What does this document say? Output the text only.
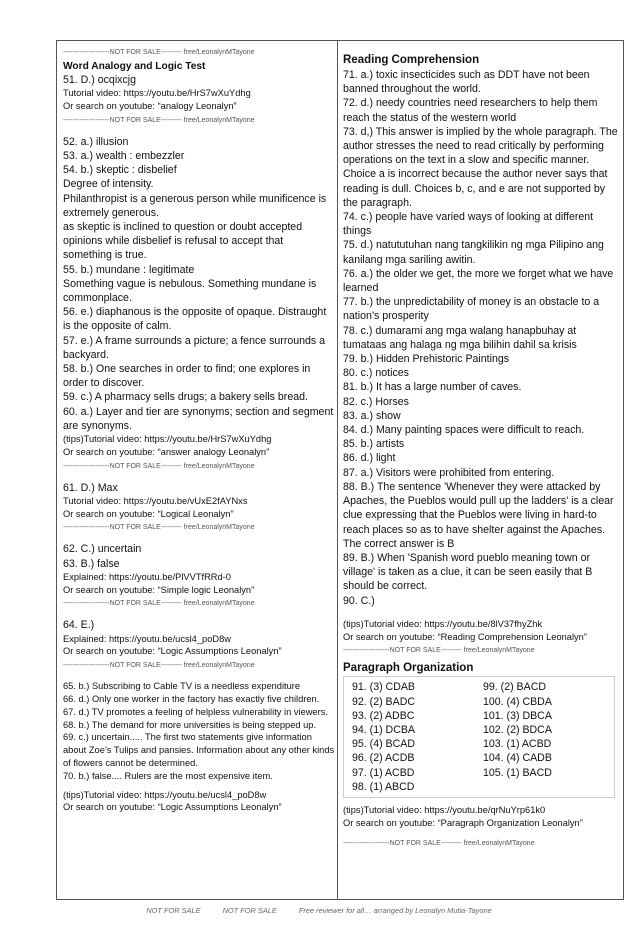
--------------------NOT FOR SALE--------- free/LeonalynMTayone
Word Analogy and Logic Test
51. D.) ocqixcjg
Tutorial video: https://youtu.be/HrS7wXuYdhg
Or search on youtube: “analogy Leonalyn”
--------------------NOT FOR SALE--------- free/LeonalynMTayone
52. a.) illusion
53. a.) wealth : embezzler
54. b.) skeptic : disbelief
Degree of intensity.
Philanthropist is a generous person while munificence is extremely generous.
as skeptic is inclined to question or doubt accepted opinions while disbelief is refusal to accept that something is true.
55. b.) mundane : legitimate
Something vague is nebulous. Something mundane is commonplace.
56. e.) diaphanous is the opposite of opaque. Distraught is the opposite of calm.
57. e.) A frame surrounds a picture; a fence surrounds a backyard.
58. b.) One searches in order to find; one explores in order to discover.
59. c.) A pharmacy sells drugs; a bakery sells bread.
60. a.) Layer and tier are synonyms; section and segment are synonyms.
(tips)Tutorial video: https://youtu.be/HrS7wXuYdhg
Or search on youtube: “answer analogy Leonalyn”
--------------------NOT FOR SALE--------- free/LeonalynMTayone
61. D.) Max
Tutorial video: https://youtu.be/vUxE2fAYNxs
Or search on youtube: “Logical Leonalyn”
--------------------NOT FOR SALE--------- free/LeonalynMTayone
62. C.) uncertain
63. B.) false
Explained: https://youtu.be/PlVVTfRRd-0
Or search on youtube: “Simple logic Leonalyn”
--------------------NOT FOR SALE--------- free/LeonalynMTayone
64. E.)
Explained: https://youtu.be/ucsl4_poD8w
Or search on youtube: “Logic Assumptions Leonalyn”
--------------------NOT FOR SALE--------- free/LeonalynMTayone
65. b.) Subscribing to Cable TV is a needless expenditure
66. d.) Only one worker in the factory has exactly five children.
67. d.) TV promotes a feeling of helpless vulnerability in viewers.
68. b.) The demand for more universities is being stepped up.
69. c.) uncertain..... The first two statements give information about Zoe’s Tulips and pansies. Information about any other kinds of flowers cannot be determined.
70. b.) false.... Rulers are the most expensive item.
(tips)Tutorial video: https://youtu.be/ucsl4_poD8w
Or search on youtube: “Logic Assumptions Leonalyn”
Reading Comprehension
71. a.) toxic insecticides such as DDT have not been banned throughout the world.
72. d.) needy countries need researchers to help them reach the status of the western world
73. d,) This answer is implied by the whole paragraph. The author stresses the need to read critically by performing operations on the text in a slow and specific manner. Choice a is incorrect because the author never says that reading is dull. Choices b, c, and e are not supported by the paragraph.
74. c.) people have varied ways of looking at different things
75. d.) natututuhan nang tangkilikin ng mga Pilipino ang kanilang mga sariling awitin.
76. a.) the older we get, the more we forget what we have learned
77. b.) the unpredictability of money is an obstacle to a nation’s prosperity
78. c.) dumarami ang mga walang hanapbuhay at tumataas ang halaga ng mga bilihin dahil sa krisis
79. b.) Hidden Prehistoric Paintings
80. c.) notices
81. b.) It has a large number of caves.
82. c.) Horses
83. a.) show
84. d.) Many painting spaces were difficult to reach.
85. b.) artists
86. d.) light
87. a.) Visitors were prohibited from entering.
88. B.) The sentence 'Whenever they were attacked by Apaches, the Pueblos would pull up the ladders' is a clear clue expressing that the Pueblos were living in hard-to reach places so as to have shelter against the Apaches. The correct answer is B
89. B.) When 'Spanish word pueblo meaning town or village' is taken as a clue, it can be seen easily that B should be correct.
90. C.)
(tips)Tutorial video: https://youtu.be/8lV37fhyZhk
Or search on youtube: “Reading Comprehension Leonalyn”
--------------------NOT FOR SALE--------- free/LeonalynMTayone
Paragraph Organization
91. (3) CDAB
92. (2) BADC
93. (2) ADBC
94. (1) DCBA
95. (4) BCAD
96. (2) ACDB
97. (1) ACBD
98. (1) ABCD
99. (2) BACD
100. (4) CBDA
101. (3) DBCA
102. (2) BDCA
103. (1) ACBD
104. (4) CADB
105. (1) BACD
(tips)Tutorial video: https://youtu.be/qrNuYrp61k0
Or search on youtube: “Paragraph Organization Leonalyn”
--------------------NOT FOR SALE--------- free/LeonalynMTayone
NOT FOR SALE	NOT FOR SALE	Free reviewer for all… arranged by Leonalyn Mutia-Tayone
